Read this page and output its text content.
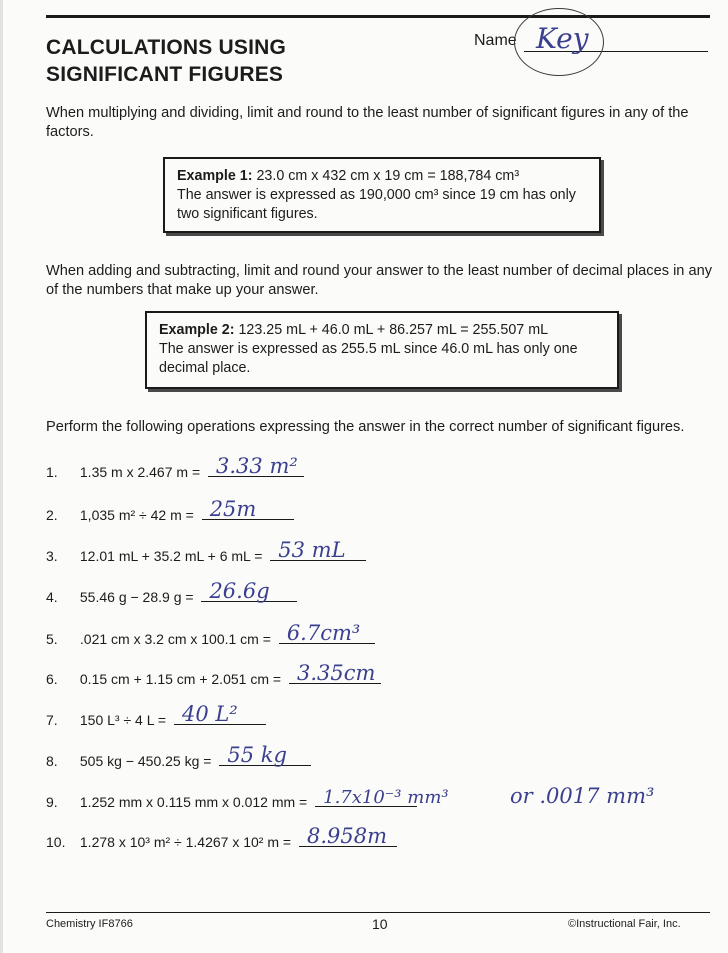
CALCULATIONS USING
SIGNIFICANT FIGURES
Name Key
When multiplying and dividing, limit and round to the least number of significant figures in any of the factors.
Example 1: 23.0 cm x 432 cm x 19 cm = 188,784 cm³
The answer is expressed as 190,000 cm³ since 19 cm has only two significant figures.
When adding and subtracting, limit and round your answer to the least number of decimal places in any of the numbers that make up your answer.
Example 2: 123.25 mL + 46.0 mL + 86.257 mL = 255.507 mL
The answer is expressed as 255.5 mL since 46.0 mL has only one decimal place.
Perform the following operations expressing the answer in the correct number of significant figures.
1. 1.35 m x 2.467 m = 3.33 m²
2. 1,035 m² ÷ 42 m = 25m
3. 12.01 mL + 35.2 mL + 6 mL = 53 mL
4. 55.46 g − 28.9 g = 26.6g
5. .021 cm x 3.2 cm x 100.1 cm = 6.7cm³
6. 0.15 cm + 1.15 cm + 2.051 cm = 3.35cm
7. 150 L³ ÷ 4 L = 40 L²
8. 505 kg − 450.25 kg = 55 kg
9. 1.252 mm x 0.115 mm x 0.012 mm = 1.7x10⁻³ mm³	or .0017 mm³
10. 1.278 x 10³ m² ÷ 1.4267 x 10² m = 8.958m
Chemistry IF8766	10	©Instructional Fair, Inc.
